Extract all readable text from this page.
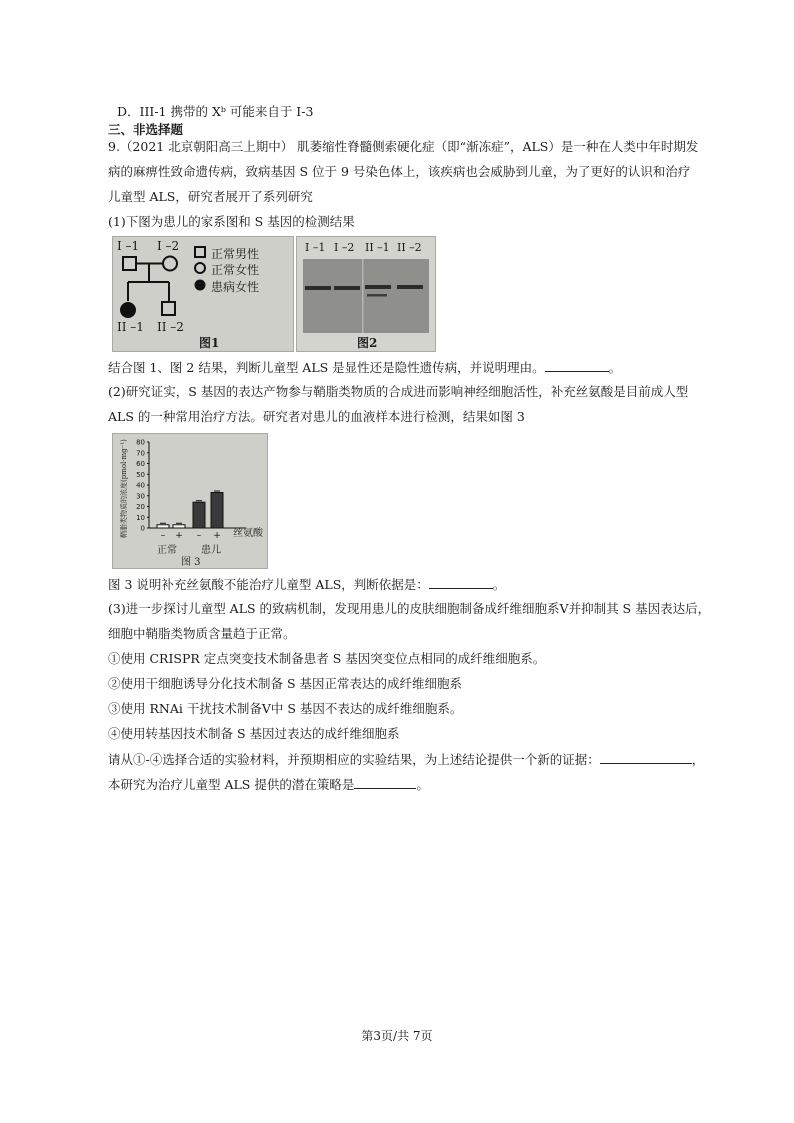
D．III-1 携带的 Xᵇ 可能来自于 I-3
三、非选择题
9.（2021 北京朝阳高三上期中） 肌萎缩性脊髓侧索硬化症（即“渐冻症”，ALS）是一种在人类中年时期发
病的麻痹性致命遗传病，致病基因 S 位于 9 号染色体上，该疾病也会威胁到儿童，为了更好的认识和治疗
儿童型 ALS，研究者展开了系列研究
(1)下图为患儿的家系图和 S 基因的检测结果
I –1 I –2
正常男性
正常女性
患病女性
II –1 II –2
图1
I –1 I –2 II –1 II –2
图2
结合图 1、图 2 结果，判断儿童型 ALS 是显性还是隐性遗传病，并说明理由。	。
(2)研究证实，S 基因的表达产物参与鞘脂类物质的合成进而影响神经细胞活性，补充丝氨酸是目前成人型
ALS 的一种常用治疗方法。研究者对患儿的血液样本进行检测，结果如图 3
0
10
20
30
40
50
60
70
80
– + – +
鞘脂类物质的浓度(pmol·mg⁻¹)	丝氨酸
正常 患儿
图 3
图 3 说明补充丝氨酸不能治疗儿童型 ALS，判断依据是：	。
(3)进一步探讨儿童型 ALS 的致病机制，发现用患儿的皮肤细胞制备成纤维细胞系V并抑制其 S 基因表达后，
细胞中鞘脂类物质含量趋于正常。
①使用 CRISPR 定点突变技术制备患者 S 基因突变位点相同的成纤维细胞系。
②使用干细胞诱导分化技术制备 S 基因正常表达的成纤维细胞系
③使用 RNAi 干扰技术制备V中 S 基因不表达的成纤维细胞系。
④使用转基因技术制备 S 基因过表达的成纤维细胞系
请从①-④选择合适的实验材料，并预期相应的实验结果，为上述结论提供一个新的证据：	，
本研究为治疗儿童型 ALS 提供的潜在策略是	。
第3页/共 7页
